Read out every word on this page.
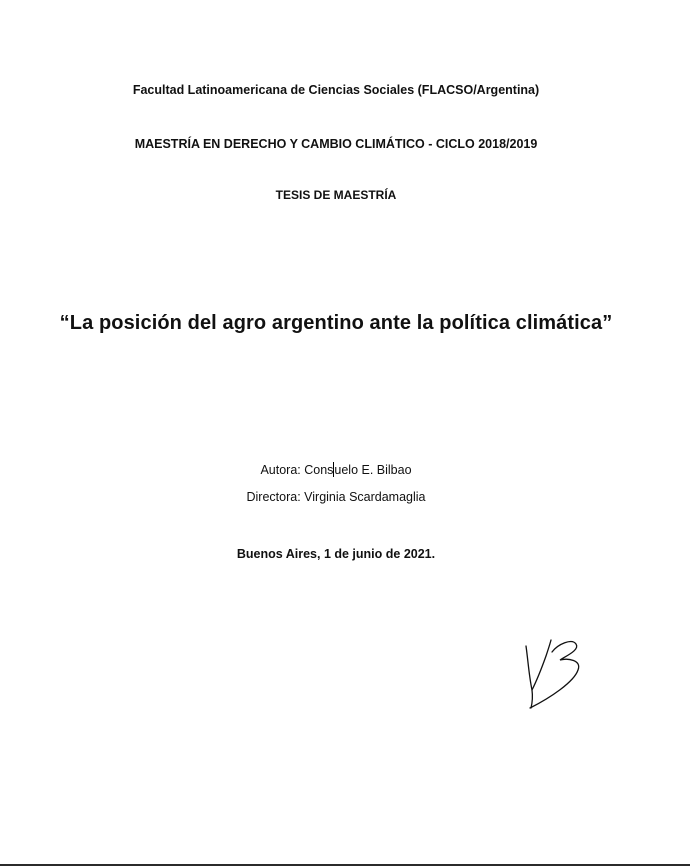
Facultad Latinoamericana de Ciencias Sociales (FLACSO/Argentina)
MAESTRÍA EN DERECHO Y CAMBIO CLIMÁTICO - CICLO 2018/2019
TESIS DE MAESTRÍA
“La posición del agro argentino ante la política climática”
Autora: Consuelo E. Bilbao
Directora: Virginia Scardamaglia
Buenos Aires, 1 de junio de 2021.
